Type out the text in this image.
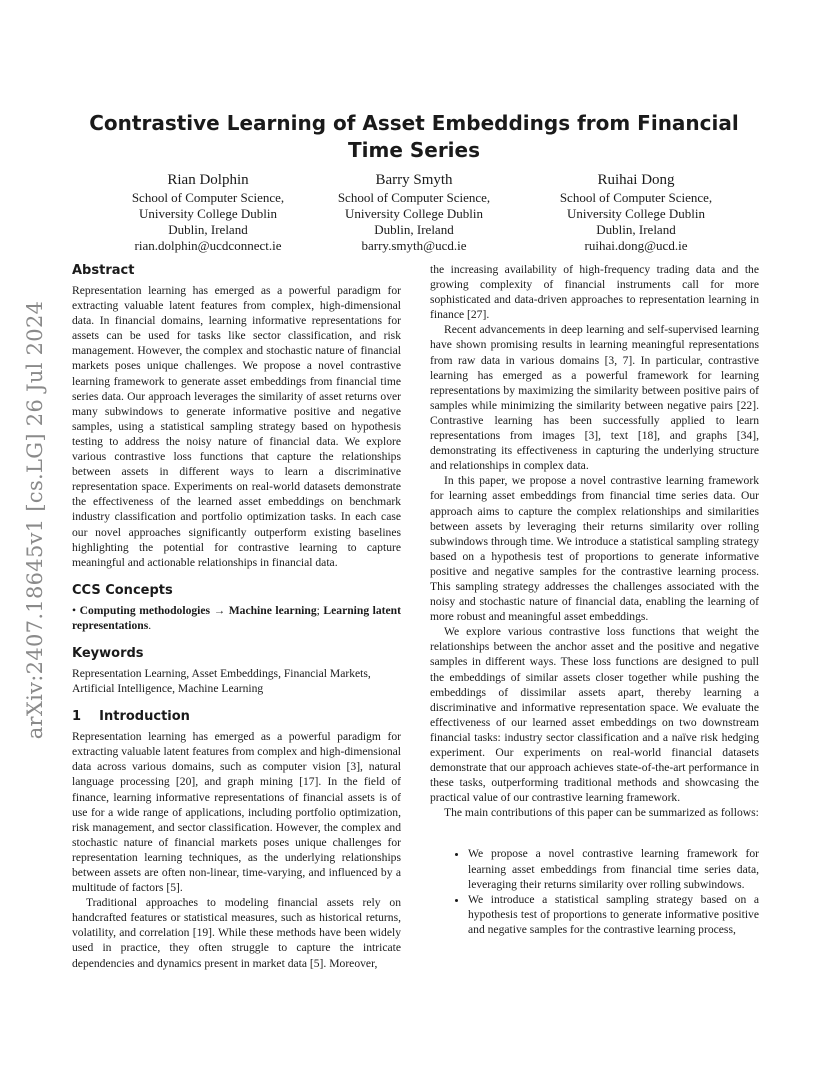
arXiv:2407.18645v1 [cs.LG] 26 Jul 2024
Contrastive Learning of Asset Embeddings from Financial Time Series
Rian Dolphin
School of Computer Science,
University College Dublin
Dublin, Ireland
rian.dolphin@ucdconnect.ie
Barry Smyth
School of Computer Science,
University College Dublin
Dublin, Ireland
barry.smyth@ucd.ie
Ruihai Dong
School of Computer Science,
University College Dublin
Dublin, Ireland
ruihai.dong@ucd.ie
Abstract

Representation learning has emerged as a powerful paradigm for extracting valuable latent features from complex, high-dimensional data. In financial domains, learning informative representations for assets can be used for tasks like sector classification, and risk management. However, the complex and stochastic nature of financial markets poses unique challenges. We propose a novel contrastive learning framework to generate asset embeddings from financial time series data. Our approach leverages the similarity of asset returns over many subwindows to generate informative positive and negative samples, using a statistical sampling strategy based on hypothesis testing to address the noisy nature of financial data. We explore various contrastive loss functions that capture the relationships between assets in different ways to learn a discriminative representation space. Experiments on real-world datasets demonstrate the effectiveness of the learned asset embeddings on benchmark industry classification and portfolio optimization tasks. In each case our novel approaches significantly outperform existing baselines highlighting the potential for contrastive learning to capture meaningful and actionable relationships in financial data.

CCS Concepts

• Computing methodologies → Machine learning; Learning latent representations.

Keywords

Representation Learning, Asset Embeddings, Financial Markets, Artificial Intelligence, Machine Learning

1    Introduction

Representation learning has emerged as a powerful paradigm for extracting valuable latent features from complex and high-dimensional data across various domains, such as computer vision [3], natural language processing [20], and graph mining [17]. In the field of finance, learning informative representations of financial assets is of use for a wide range of applications, including portfolio optimization, risk management, and sector classification. However, the complex and stochastic nature of financial markets poses unique challenges for representation learning techniques, as the underlying relationships between assets are often non-linear, time-varying, and influenced by a multitude of factors [5].

Traditional approaches to modeling financial assets rely on handcrafted features or statistical measures, such as historical returns, volatility, and correlation [19]. While these methods have been widely used in practice, they often struggle to capture the intricate dependencies and dynamics present in market data [5]. Moreover,

the increasing availability of high-frequency trading data and the growing complexity of financial instruments call for more sophisticated and data-driven approaches to representation learning in finance [27].

Recent advancements in deep learning and self-supervised learning have shown promising results in learning meaningful representations from raw data in various domains [3, 7]. In particular, contrastive learning has emerged as a powerful framework for learning representations by maximizing the similarity between positive pairs of samples while minimizing the similarity between negative pairs [22]. Contrastive learning has been successfully applied to learn representations from images [3], text [18], and graphs [34], demonstrating its effectiveness in capturing the underlying structure and relationships in complex data.

In this paper, we propose a novel contrastive learning framework for learning asset embeddings from financial time series data. Our approach aims to capture the complex relationships and similarities between assets by leveraging their returns similarity over rolling subwindows through time. We introduce a statistical sampling strategy based on a hypothesis test of proportions to generate informative positive and negative samples for the contrastive learning process. This sampling strategy addresses the challenges associated with the noisy and stochastic nature of financial data, enabling the learning of more robust and meaningful asset embeddings.

We explore various contrastive loss functions that weight the relationships between the anchor asset and the positive and negative samples in different ways. These loss functions are designed to pull the embeddings of similar assets closer together while pushing the embeddings of dissimilar assets apart, thereby learning a discriminative and informative representation space. We evaluate the effectiveness of our learned asset embeddings on two downstream financial tasks: industry sector classification and a naïve risk hedging experiment. Our experiments on real-world financial datasets demonstrate that our approach achieves state-of-the-art performance in these tasks, outperforming traditional methods and showcasing the practical value of our contrastive learning framework.

The main contributions of this paper can be summarized as follows:

• We propose a novel contrastive learning framework for learning asset embeddings from financial time series data, leveraging their returns similarity over rolling subwindows.
• We introduce a statistical sampling strategy based on a hypothesis test of proportions to generate informative positive and negative samples for the contrastive learning process,
